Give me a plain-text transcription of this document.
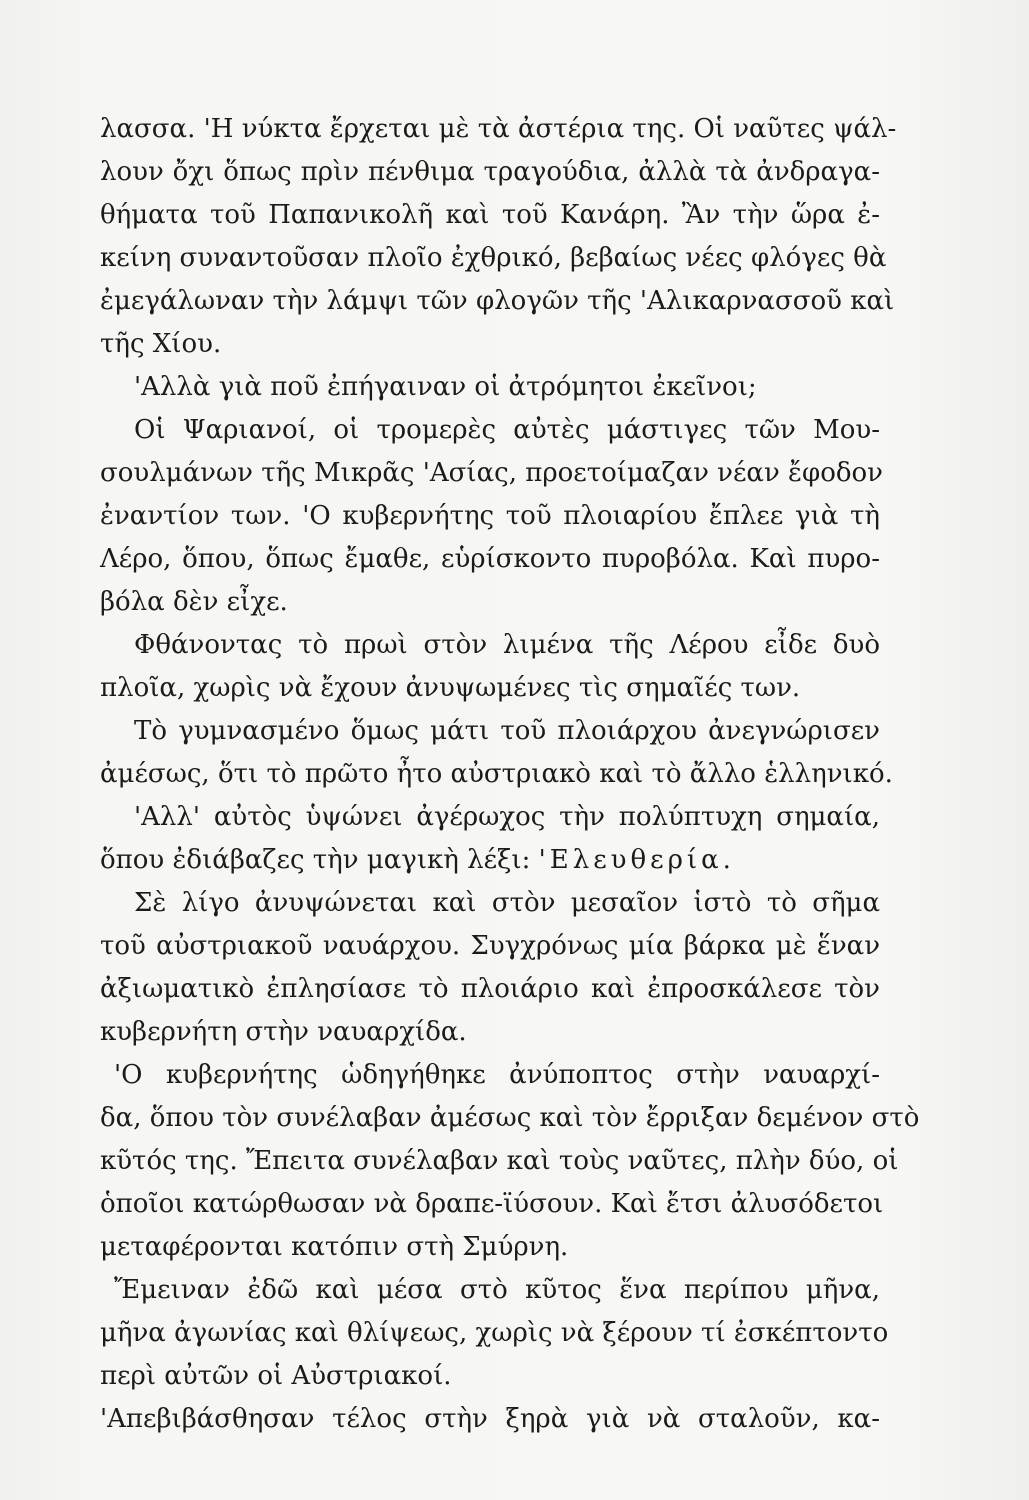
λασσα. 'Η νύκτα ἔρχεται μὲ τὰ ἀστέρια της. Οἱ ναῦτες ψάλ-
λουν ὄχι ὅπως πρὶν πένθιμα τραγούδια, ἀλλὰ τὰ ἀνδραγα-
θήματα τοῦ Παπανικολῆ καὶ τοῦ Κανάρη. Ἂν τὴν ὥρα ἐ-
κείνη συναντοῦσαν πλοῖο ἐχθρικό, βεβαίως νέες φλόγες θὰ
ἐμεγάλωναν τὴν λάμψι τῶν φλογῶν τῆς 'Αλικαρνασσοῦ καὶ
τῆς Χίου.
'Αλλὰ γιὰ ποῦ ἐπήγαιναν οἱ ἀτρόμητοι ἐκεῖνοι;
Οἱ Ψαριανοί, οἱ τρομερὲς αὐτὲς μάστιγες τῶν Μου-
σουλμάνων τῆς Μικρᾶς 'Ασίας, προετοίμαζαν νέαν ἔφοδον
ἐναντίον των. 'Ο κυβερνήτης τοῦ πλοιαρίου ἔπλεε γιὰ τὴ
Λέρο, ὅπου, ὅπως ἔμαθε, εὑρίσκοντο πυροβόλα. Καὶ πυρο-
βόλα δὲν εἶχε.
Φθάνοντας τὸ πρωὶ στὸν λιμένα τῆς Λέρου εἶδε δυὸ
πλοῖα, χωρὶς νὰ ἔχουν ἀνυψωμένες τὶς σημαῖές των.
Τὸ γυμνασμένο ὅμως μάτι τοῦ πλοιάρχου ἀνεγνώρισεν
ἀμέσως, ὅτι τὸ πρῶτο ἦτο αὐστριακὸ καὶ τὸ ἄλλο ἑλληνικό.
'Αλλ' αὐτὸς ὑψώνει ἀγέρωχος τὴν πολύπτυχη σημαία,
ὅπου ἐδιάβαζες τὴν μαγικὴ λέξι: 'Ελευθερία.
Σὲ λίγο ἀνυψώνεται καὶ στὸν μεσαῖον ἱστὸ τὸ σῆμα
τοῦ αὐστριακοῦ ναυάρχου. Συγχρόνως μία βάρκα μὲ ἕναν
ἀξιωματικὸ ἐπλησίασε τὸ πλοιάριο καὶ ἐπροσκάλεσε τὸν
κυβερνήτη στὴν ναυαρχίδα.
'Ο κυβερνήτης ὡδηγήθηκε ἀνύποπτος στὴν ναυαρχί-
δα, ὅπου τὸν συνέλαβαν ἀμέσως καὶ τὸν ἔρριξαν δεμένον στὸ
κῦτός της. Ἔπειτα συνέλαβαν καὶ τοὺς ναῦτες, πλὴν δύο, οἱ
ὁποῖοι κατώρθωσαν νὰ δραπε-ϊύσουν. Καὶ ἔτσι ἀλυσόδετοι
μεταφέρονται κατόπιν στὴ Σμύρνη.
Ἔμειναν ἐδῶ καὶ μέσα στὸ κῦτος ἕνα περίπου μῆνα,
μῆνα ἀγωνίας καὶ θλίψεως, χωρὶς νὰ ξέρουν τί ἐσκέπτοντο
περὶ αὐτῶν οἱ Αὐστριακοί.
'Απεβιβάσθησαν τέλος στὴν ξηρὰ γιὰ νὰ σταλοῦν, κα-
